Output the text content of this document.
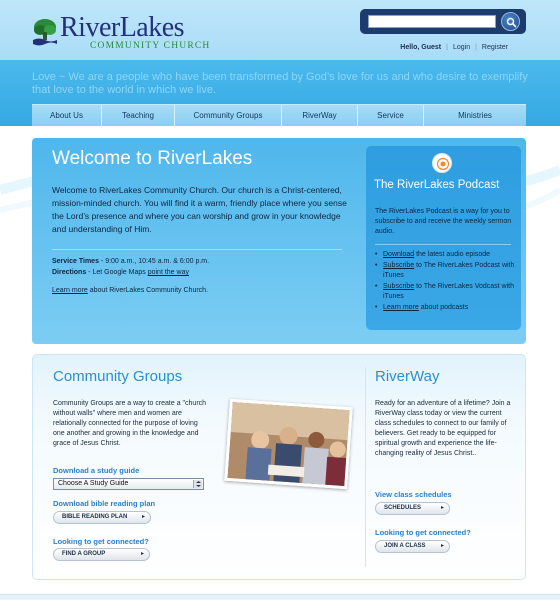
RiverLakes
COMMUNITY CHURCH	Hello, Guest | Login | Register
Love ~ We are a people who have been transformed by God’s love for us and who desire to exemplify that love to the world in which we live.
About Us	Teaching	Community Groups	RiverWay	Service	Ministries
Welcome to RiverLakes
Welcome to RiverLakes Community Church. Our church is a Christ-centered, mission-minded church. You will find it a warm, friendly place where you sense the Lord’s presence and where you can worship and grow in your knowledge and understanding of Him.
Service Times - 9:00 a.m., 10:45 a.m. & 6:00 p.m.
Directions - Let Google Maps point the way
Learn more about RiverLakes Community Church.
The RiverLakes Podcast
The RiverLakes Podcast is a way for you to subscribe to and receive the weekly sermon audio.
• Download the latest audio episode
• Subscribe to The RiverLakes Podcast with iTunes
• Subscribe to The RiverLakes Vodcast with iTunes
• Learn more about podcasts
Community Groups
Community Groups are a way to create a "church without walls" where men and women are relationally connected for the purpose of loving one another and growing in the knowledge and grace of Jesus Christ.
Download a study guide
Choose A Study Guide
Download bible reading plan
BIBLE READING PLAN ▸
Looking to get connected?
FIND A GROUP	▸
RiverWay
Ready for an adventure of a lifetime? Join a RiverWay class today or view the current class schedules to connect to our family of believers. Get ready to be equipped for spiritual growth and experience the life-changing reality of Jesus Christ..
View class schedules
SCHEDULES	▸
Looking to get connected?
JOIN A CLASS	▸
